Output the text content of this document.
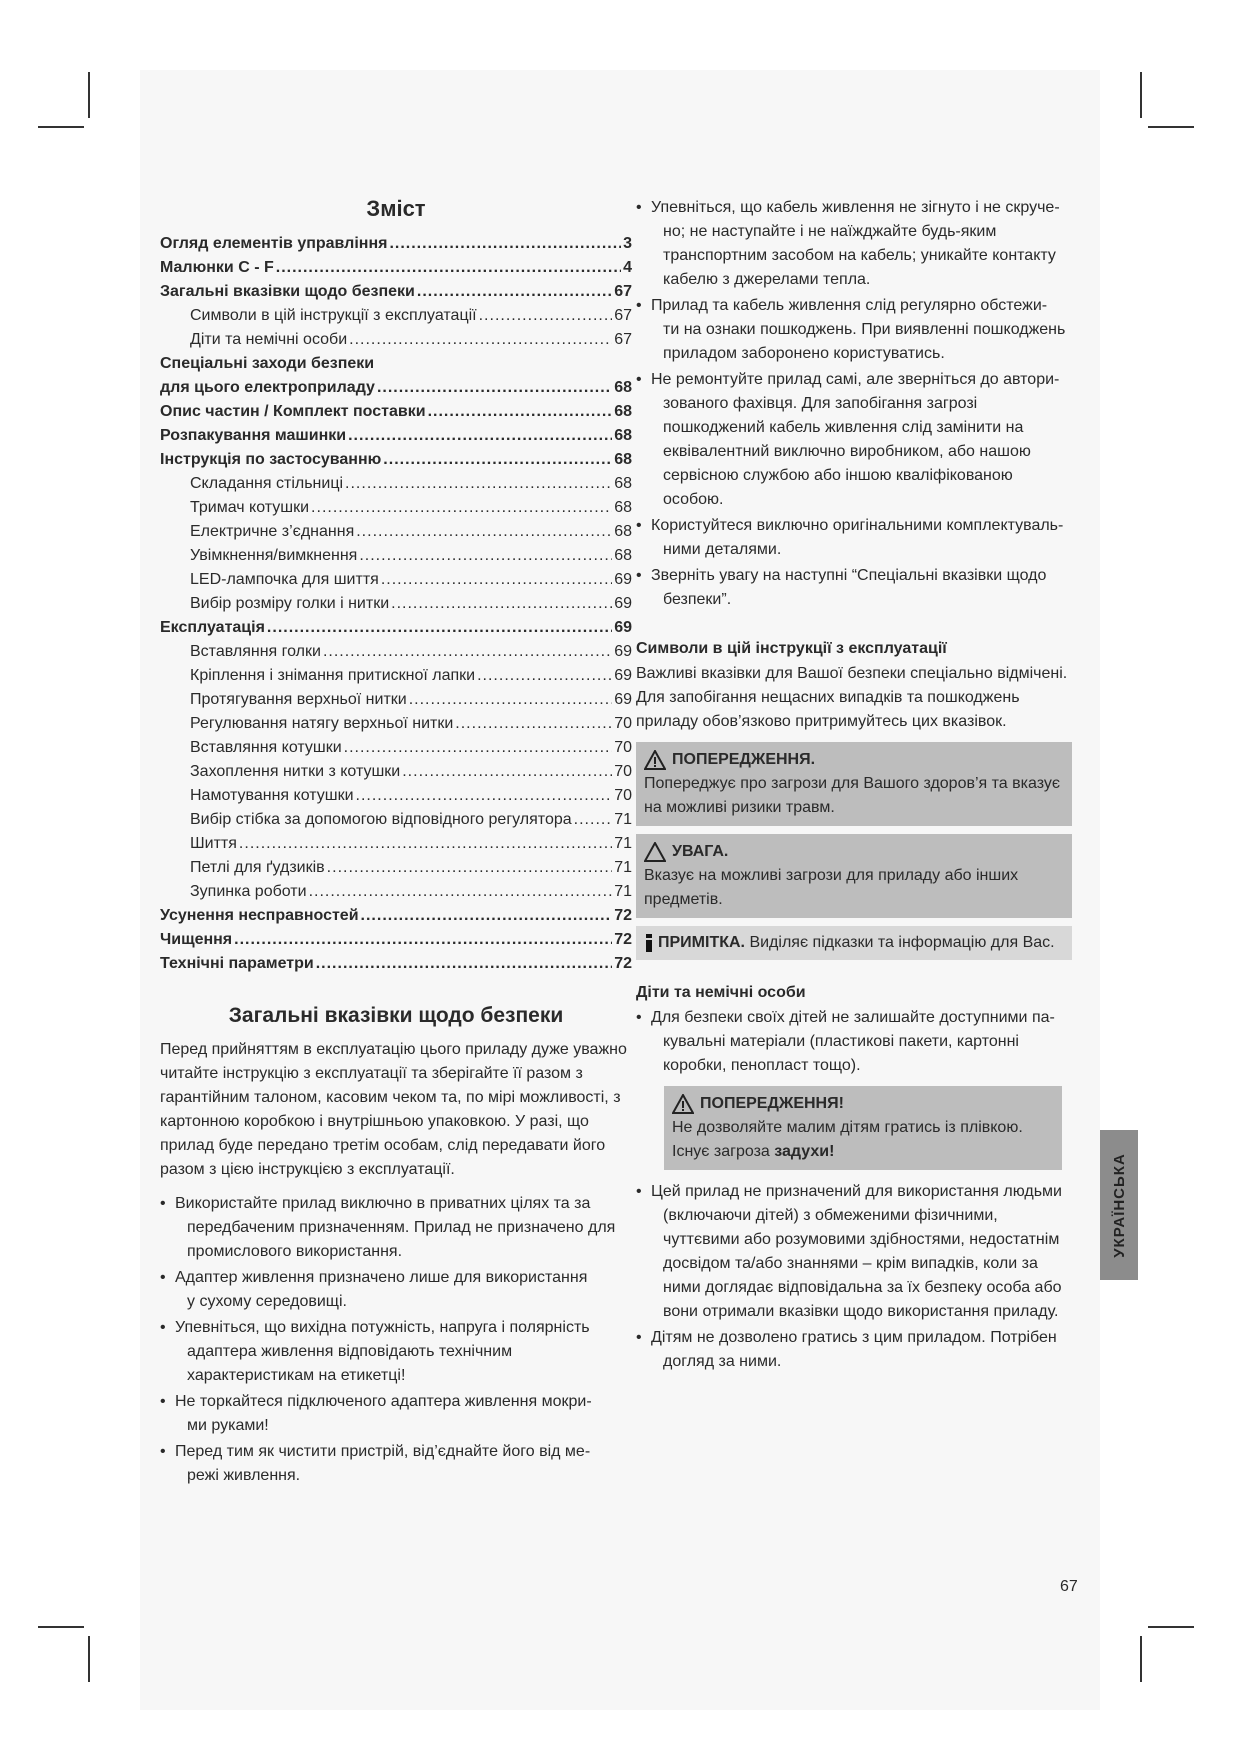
Зміст
Огляд елементів управління .....	3
Малюнки C - F .....	4
Загальні вказівки щодо безпеки .....	67
Символи в цій інструкції з експлуатації .....	67
Діти та немічні особи .....	67
Спеціальні заходи безпеки
для цього електроприладу .....	68
Опис частин / Комплект поставки .....	68
Розпакування машинки .....	68
Інструкція по застосуванню .....	68
Складання стільниці .....	68
Тримач котушки .....	68
Електричне з’єднання .....	68
Увімкнення/вимкнення .....	68
LED-лампочка для шиття .....	69
Вибір розміру голки і нитки .....	69
Експлуатація .....	69
Вставляння голки .....	69
Кріплення і знімання притискної лапки .....	69
Протягування верхньої нитки .....	69
Регулювання натягу верхньої нитки .....	70
Вставляння котушки .....	70
Захоплення нитки з котушки .....	70
Намотування котушки .....	70
Вибір стібка за допомогою відповідного регулятора .....	71
Шиття .....	71
Петлі для ґудзиків .....	71
Зупинка роботи .....	71
Усунення несправностей .....	72
Чищення .....	72
Технічні параметри .....	72
Загальні вказівки щодо безпеки

Перед прийняттям в експлуатацію цього приладу дуже уважно читайте інструкцію з експлуатації та зберігайте її разом з гарантійним талоном, касовим чеком та, по мірі можливості, з картонною коробкою і внутрішньою упаковкою. У разі, що прилад буде передано третім особам, слід передавати його разом з цією інструкцією з експлуатації.

• Використайте прилад виключно в приватних цілях та за
передбаченим призначенням. Прилад не призначено для промислового використання.
• Адаптер живлення призначено лише для використання
у сухому середовищі.
• Упевніться, що вихідна потужність, напруга і полярність
адаптера живлення відповідають технічним характеристикам на етикетці!
• Не торкайтеся підключеного адаптера живлення мокри-
ми руками!
• Перед тим як чистити пристрій, від’єднайте його від ме-
режі живлення.
• Упевніться, що кабель живлення не зігнуто і не скруче-
но; не наступайте і не наїжджайте будь-яким транспортним засобом на кабель; уникайте контакту кабелю з джерелами тепла.
• Прилад та кабель живлення слід регулярно обстежи-
ти на ознаки пошкоджень. При виявленні пошкоджень приладом заборонено користуватись.
• Не ремонтуйте прилад самі, але зверніться до автори-
зованого фахівця. Для запобігання загрозі пошкоджений кабель живлення слід замінити на еквівалентний виключно виробником, або нашою сервісною службою або іншою кваліфікованою особою.
• Користуйтеся виключно оригінальними комплектуваль-
ними деталями.
• Зверніть увагу на наступні “Спеціальні вказівки щодо
безпеки”.
Символи в цій інструкції з експлуатації

Важливі вказівки для Вашої безпеки спеціально відмічені. Для запобігання нещасних випадків та пошкоджень приладу обов’язково притримуйтесь цих вказівок.

ПОПЕРЕДЖЕННЯ.
Попереджує про загрози для Вашого здоров’я та вказує на можливі ризики травм.
УВАГА.
Вказує на можливі загрози для приладу або інших предметів.
ПРИМІТКА.
Виділяє підказки та інформацію для Вас.
Діти та немічні особи
• Для безпеки своїх дітей не залишайте доступними па-
кувальні матеріали (пластикові пакети, картонні коробки, пенопласт тощо).
ПОПЕРЕДЖЕННЯ!
Не дозволяйте малим дітям гратись із плівкою. Існує загроза задухи!
• Цей прилад не призначений для використання людьми
(включаючи дітей) з обмеженими фізичними, чуттєвими або розумовими здібностями, недостатнім досвідом та/або знаннями – крім випадків, коли за ними доглядає відповідальна за їх безпеку особа або вони отримали вказівки щодо використання приладу.
• Дітям не дозволено гратись з цим приладом. Потрібен
догляд за ними.
УКРАЇНСЬКА
67
